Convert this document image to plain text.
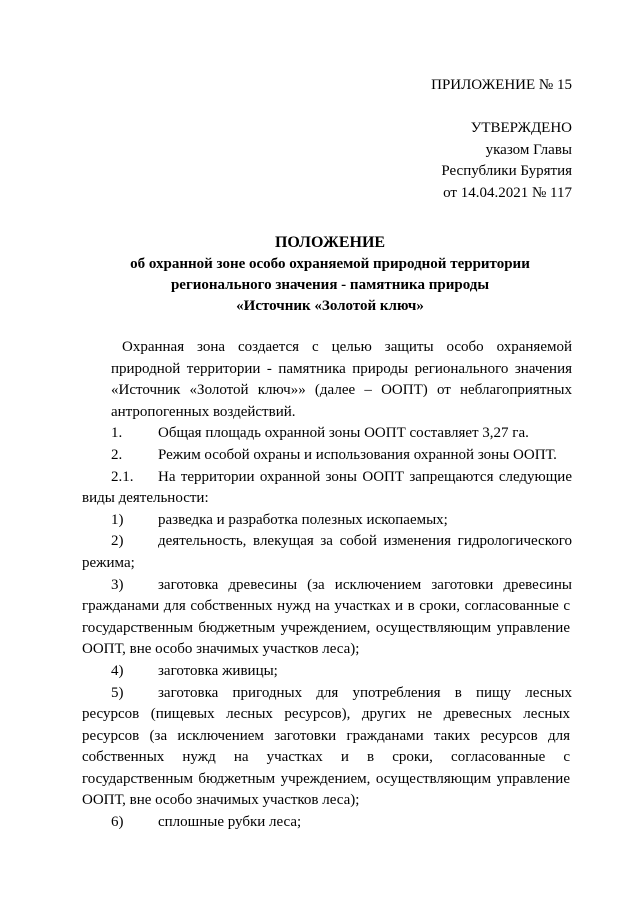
ПРИЛОЖЕНИЕ № 15
УТВЕРЖДЕНО
указом Главы
Республики Бурятия
от 14.04.2021 № 117
ПОЛОЖЕНИЕ
об охранной зоне особо охраняемой природной территории
регионального значения - памятника природы
«Источник «Золотой ключ»
Охранная зона создается с целью защиты особо охраняемой
природной территории - памятника природы регионального значения
«Источник «Золотой ключ»» (далее – ООПТ) от неблагоприятных
антропогенных воздействий.
1.	Общая площадь охранной зоны ООПТ составляет 3,27 га.
2.	Режим особой охраны и использования охранной зоны ООПТ.
2.1.	На территории охранной зоны ООПТ запрещаются следующие
виды деятельности:
1)	разведка и разработка полезных ископаемых;
2)	деятельность, влекущая за собой изменения гидрологического
режима;
3)	заготовка древесины (за исключением заготовки древесины
гражданами для собственных нужд на участках и в сроки, согласованные с
государственным бюджетным учреждением, осуществляющим управление
ООПТ, вне особо значимых участков леса);
4)	заготовка живицы;
5)	заготовка пригодных для употребления в пищу лесных
ресурсов (пищевых лесных ресурсов), других не древесных лесных
ресурсов (за исключением заготовки гражданами таких ресурсов для
собственных нужд на участках и в сроки, согласованные с
государственным бюджетным учреждением, осуществляющим управление
ООПТ, вне особо значимых участков леса);
6)	сплошные рубки леса;
